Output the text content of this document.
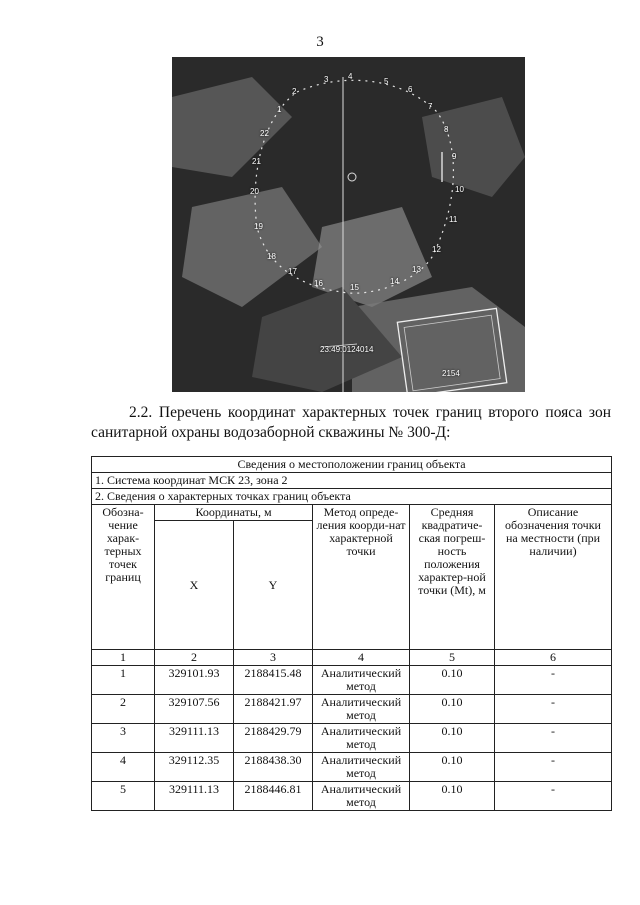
3
2
3 4
5
6
7
8
9
10
11
12
13
14
15
16
17
18
19
20
21
22
1
23:49:0124014
2154
2.2. Перечень координат характерных точек границ второго пояса зон санитарной охраны водозаборной скважины № 300-Д:
Сведения о местоположении границ объекта					
1. Система координат МСК 23, зона 2					
2. Сведения о характерных точках границ объекта					
Обозна-чение харак-терных точек границ	Координаты, м		Метод опреде-ления коорди-нат характерной точки	Средняя квадратиче-ская погреш-ность положения характер-ной точки (Mt), м	Описание обозначения точки на местности (при наличии)
	X	Y			
1	2	3	4	5	6
1	329101.93	2188415.48	Аналитический метод	0.10	-
2	329107.56	2188421.97	Аналитический метод	0.10	-
3	329111.13	2188429.79	Аналитический метод	0.10	-
4	329112.35	2188438.30	Аналитический метод	0.10	-
5	329111.13	2188446.81	Аналитический метод	0.10	-
